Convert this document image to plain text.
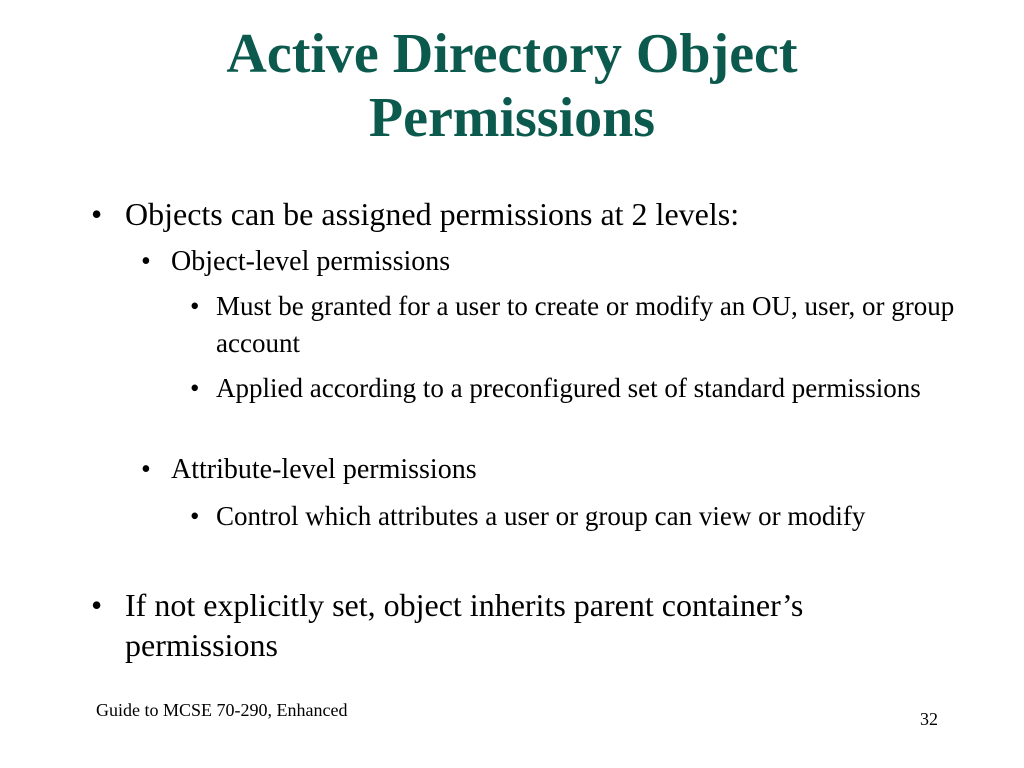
Active Directory Object
Permissions
• Objects can be assigned permissions at 2 levels:
• Object-level permissions
• Must be granted for a user to create or modify an OU, user, or group account
• Applied according to a preconfigured set of standard permissions
• Attribute-level permissions
• Control which attributes a user or group can view or modify
• If not explicitly set, object inherits parent container’s permissions
Guide to MCSE 70-290, Enhanced	32
